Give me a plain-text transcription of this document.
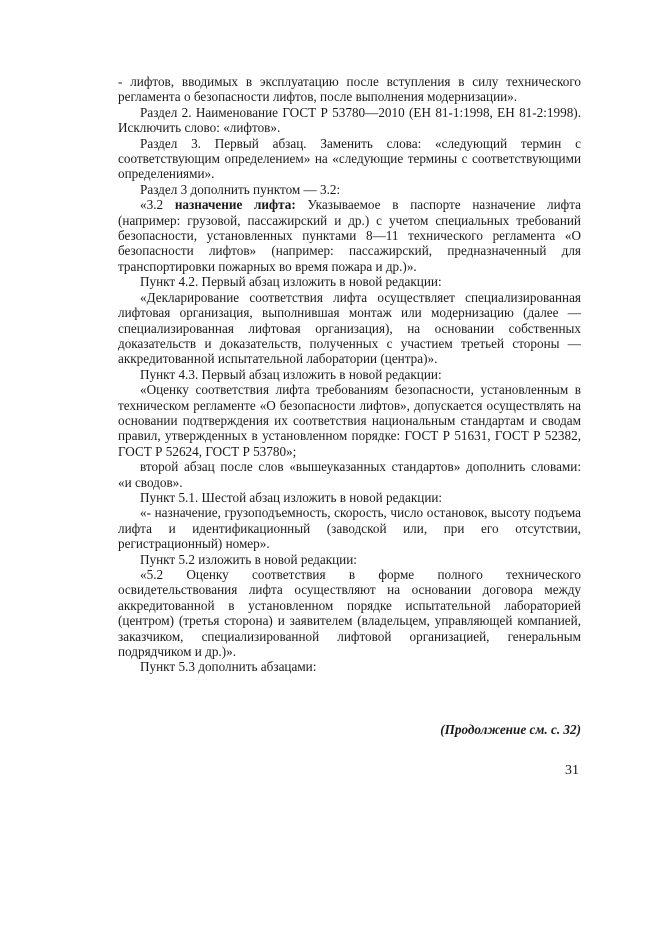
- лифтов, вводимых в эксплуатацию после вступления в силу технического регламента о безопасности лифтов, после выполнения модернизации».

Раздел 2. Наименование ГОСТ Р 53780—2010 (ЕН 81-1:1998, ЕН 81-2:1998). Исключить слово: «лифтов».

Раздел 3. Первый абзац. Заменить слова: «следующий термин с соответствующим определением» на «следующие термины с соответствующими определениями».

Раздел 3 дополнить пунктом — 3.2:

«3.2 назначение лифта: Указываемое в паспорте назначение лифта (например: грузовой, пассажирский и др.) с учетом специальных требований безопасности, установленных пунктами 8—11 технического регламента «О безопасности лифтов» (например: пассажирский, предназначенный для транспортировки пожарных во время пожара и др.)».

Пункт 4.2. Первый абзац изложить в новой редакции:

«Декларирование соответствия лифта осуществляет специализированная лифтовая организация, выполнившая монтаж или модернизацию (далее — специализированная лифтовая организация), на основании собственных доказательств и доказательств, полученных с участием третьей стороны — аккредитованной испытательной лаборатории (центра)».

Пункт 4.3. Первый абзац изложить в новой редакции:

«Оценку соответствия лифта требованиям безопасности, установленным в техническом регламенте «О безопасности лифтов», допускается осуществлять на основании подтверждения их соответствия национальным стандартам и сводам правил, утвержденных в установленном порядке: ГОСТ Р 51631, ГОСТ Р 52382, ГОСТ Р 52624, ГОСТ Р 53780»;

второй абзац после слов «вышеуказанных стандартов» дополнить словами: «и сводов».

Пункт 5.1. Шестой абзац изложить в новой редакции:

«- назначение, грузоподъемность, скорость, число остановок, высоту подъема лифта и идентификационный (заводской или, при его отсутствии, регистрационный) номер».

Пункт 5.2 изложить в новой редакции:

«5.2 Оценку соответствия в форме полного технического освидетельствования лифта осуществляют на основании договора между аккредитованной в установленном порядке испытательной лабораторией (центром) (третья сторона) и заявителем (владельцем, управляющей компанией, заказчиком, специализированной лифтовой организацией, генеральным подрядчиком и др.)».

Пункт 5.3 дополнить абзацами:

(Продолжение см. с. 32)
31
